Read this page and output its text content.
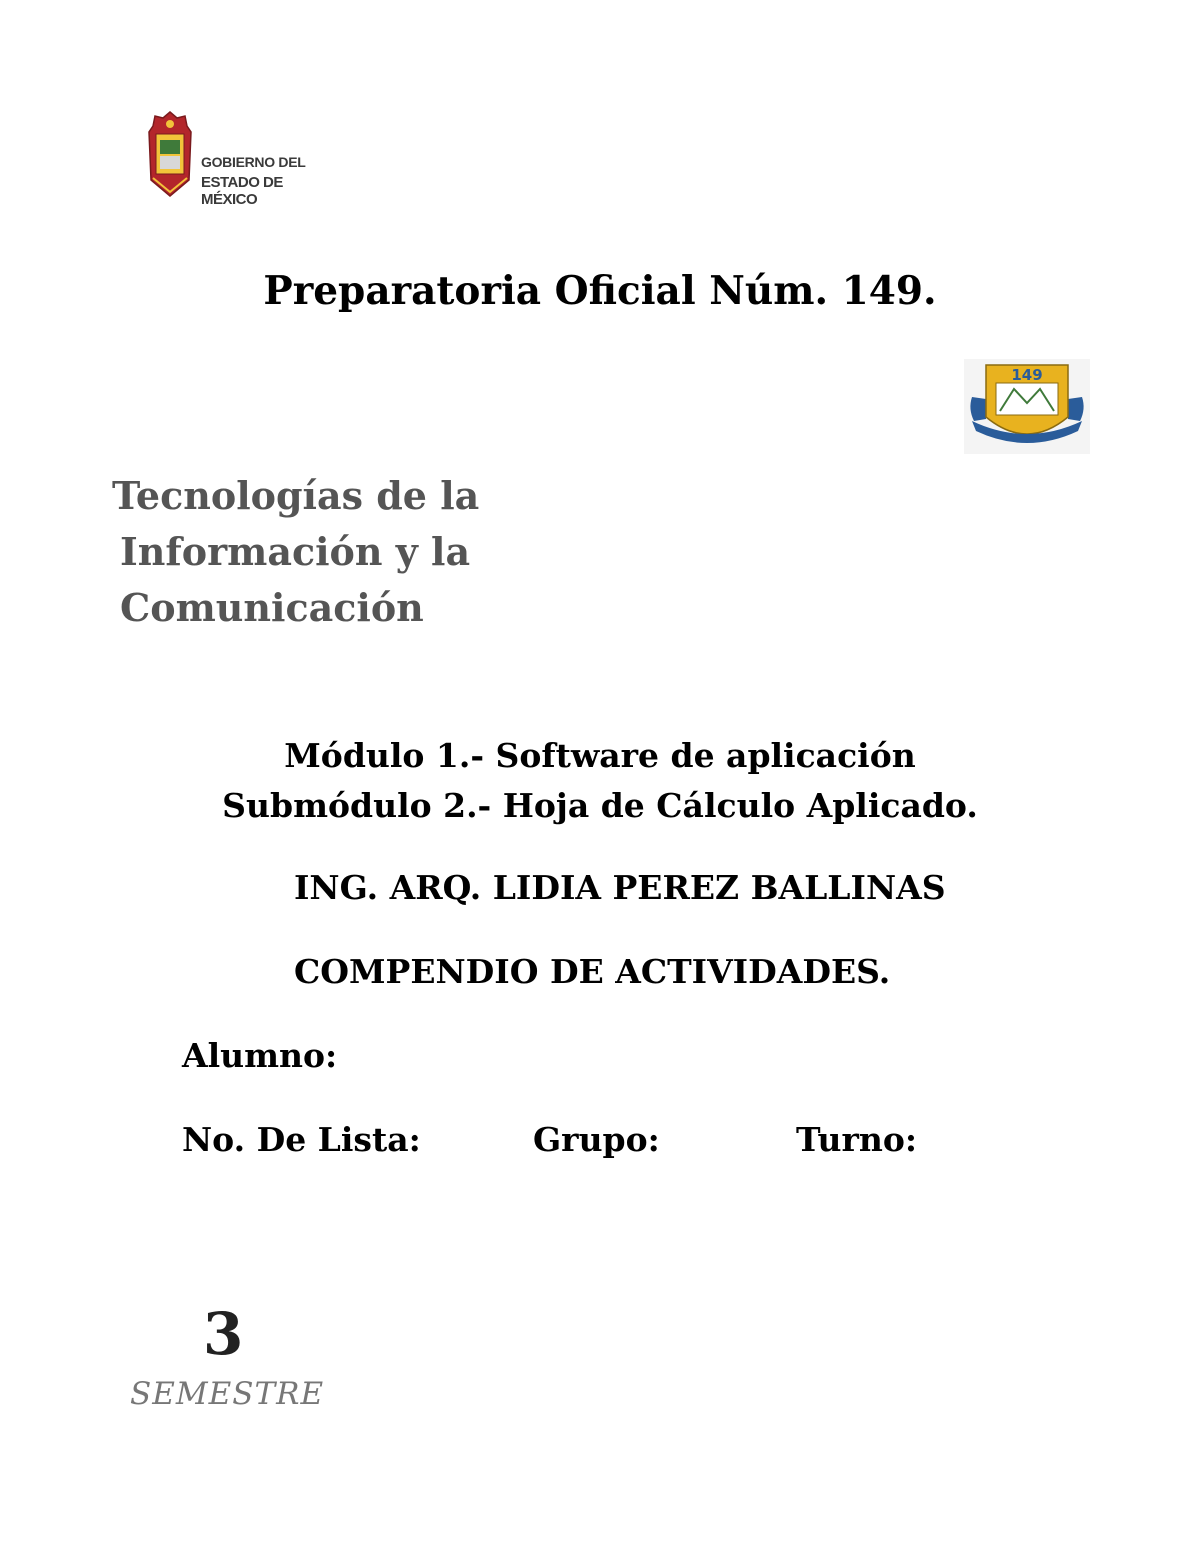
GOBIERNO DEL
ESTADO DE MÉXICO
149
Preparatoria Oficial Núm. 149.
Tecnologías de la
Información y la
Comunicación
Módulo 1.- Software de aplicación
Submódulo 2.- Hoja de Cálculo Aplicado.
ING. ARQ. LIDIA PEREZ BALLINAS
COMPENDIO DE ACTIVIDADES.
Alumno:
No. De Lista:	Grupo:	Turno:
3
SEMESTRE
